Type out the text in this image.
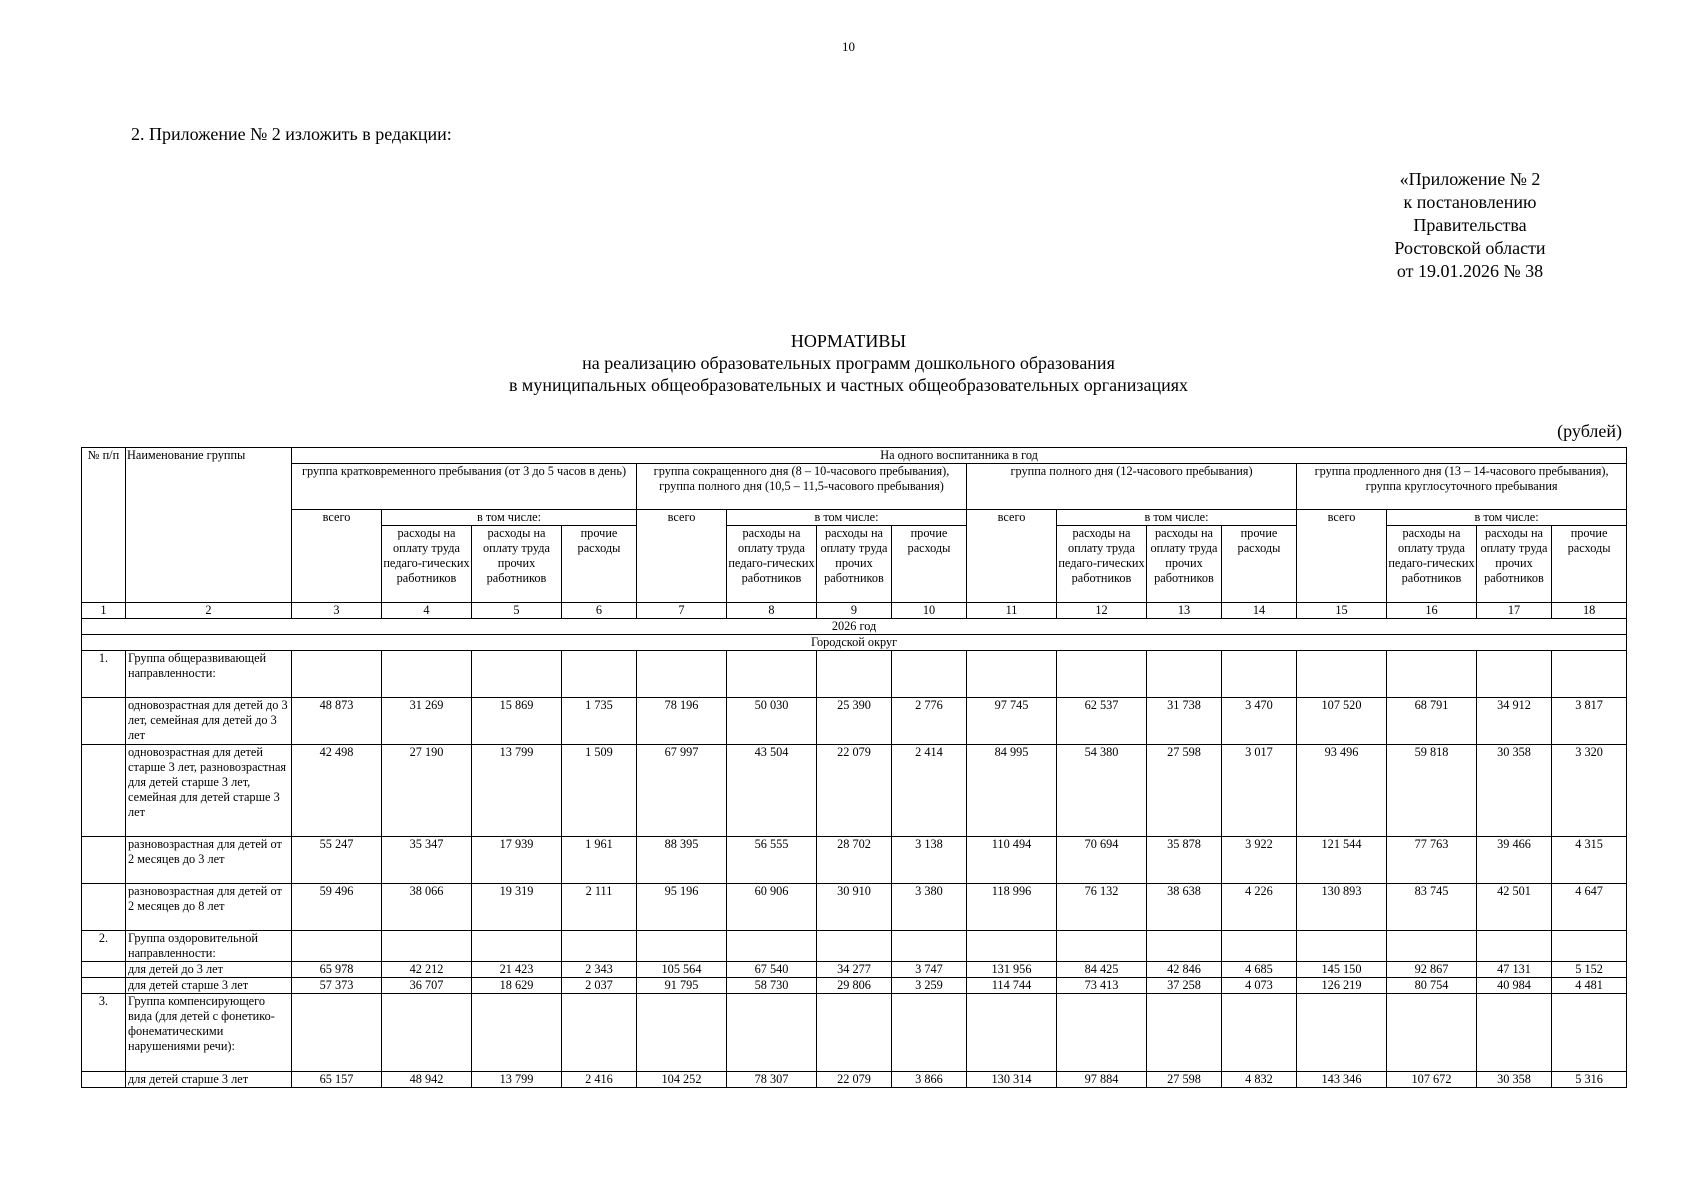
10
2. Приложение № 2 изложить в редакции:
«Приложение № 2
к постановлению
Правительства
Ростовской области
от 19.01.2026 № 38
НОРМАТИВЫ
на реализацию образовательных программ дошкольного образования
в муниципальных общеобразовательных и частных общеобразовательных организациях
(рублей)
№ п/п	Наименование группы	На одного воспитанника в год															
		группа кратковременного пребывания (от 3 до 5 часов в день)				группа сокращенного дня (8 – 10-часового пребывания), группа полного дня (10,5 – 11,5-часового пребывания)				группа полного дня (12-часового пребывания)				группа продленного дня (13 – 14-часового пребывания), группа круглосуточного пребывания			
		всего	в том числе:			всего	в том числе:			всего	в том числе:			всего	в том числе:		
			расходы на оплату труда педаго-гических работников	расходы на оплату труда прочих работников	прочие расходы		расходы на оплату труда педаго-гических работников	расходы на оплату труда прочих работников	прочие расходы		расходы на оплату труда педаго-гических работников	расходы на оплату труда прочих работников	прочие расходы		расходы на оплату труда педаго-гических работников	расходы на оплату труда прочих работников	прочие расходы
1	2	3	4	5	6	7	8	9	10	11	12	13	14	15	16	17	18
2026 год																	
Городской округ																	
1.	Группа общеразвивающей направленности:																
	одновозрастная для детей до 3 лет, семейная для детей до 3 лет	48 873	31 269	15 869	1 735	78 196	50 030	25 390	2 776	97 745	62 537	31 738	3 470	107 520	68 791	34 912	3 817
	одновозрастная для детей старше 3 лет, разновозрастная для детей старше 3 лет, семейная для детей старше 3 лет	42 498	27 190	13 799	1 509	67 997	43 504	22 079	2 414	84 995	54 380	27 598	3 017	93 496	59 818	30 358	3 320
	разновозрастная для детей от 2 месяцев до 3 лет	55 247	35 347	17 939	1 961	88 395	56 555	28 702	3 138	110 494	70 694	35 878	3 922	121 544	77 763	39 466	4 315
	разновозрастная для детей от 2 месяцев до 8 лет	59 496	38 066	19 319	2 111	95 196	60 906	30 910	3 380	118 996	76 132	38 638	4 226	130 893	83 745	42 501	4 647
2.	Группа оздоровительной направленности:																
	для детей до 3 лет	65 978	42 212	21 423	2 343	105 564	67 540	34 277	3 747	131 956	84 425	42 846	4 685	145 150	92 867	47 131	5 152
	для детей старше 3 лет	57 373	36 707	18 629	2 037	91 795	58 730	29 806	3 259	114 744	73 413	37 258	4 073	126 219	80 754	40 984	4 481
3.	Группа компенсирующего вида (для детей с фонетико-фонематическими нарушениями речи):																
	для детей старше 3 лет	65 157	48 942	13 799	2 416	104 252	78 307	22 079	3 866	130 314	97 884	27 598	4 832	143 346	107 672	30 358	5 316
